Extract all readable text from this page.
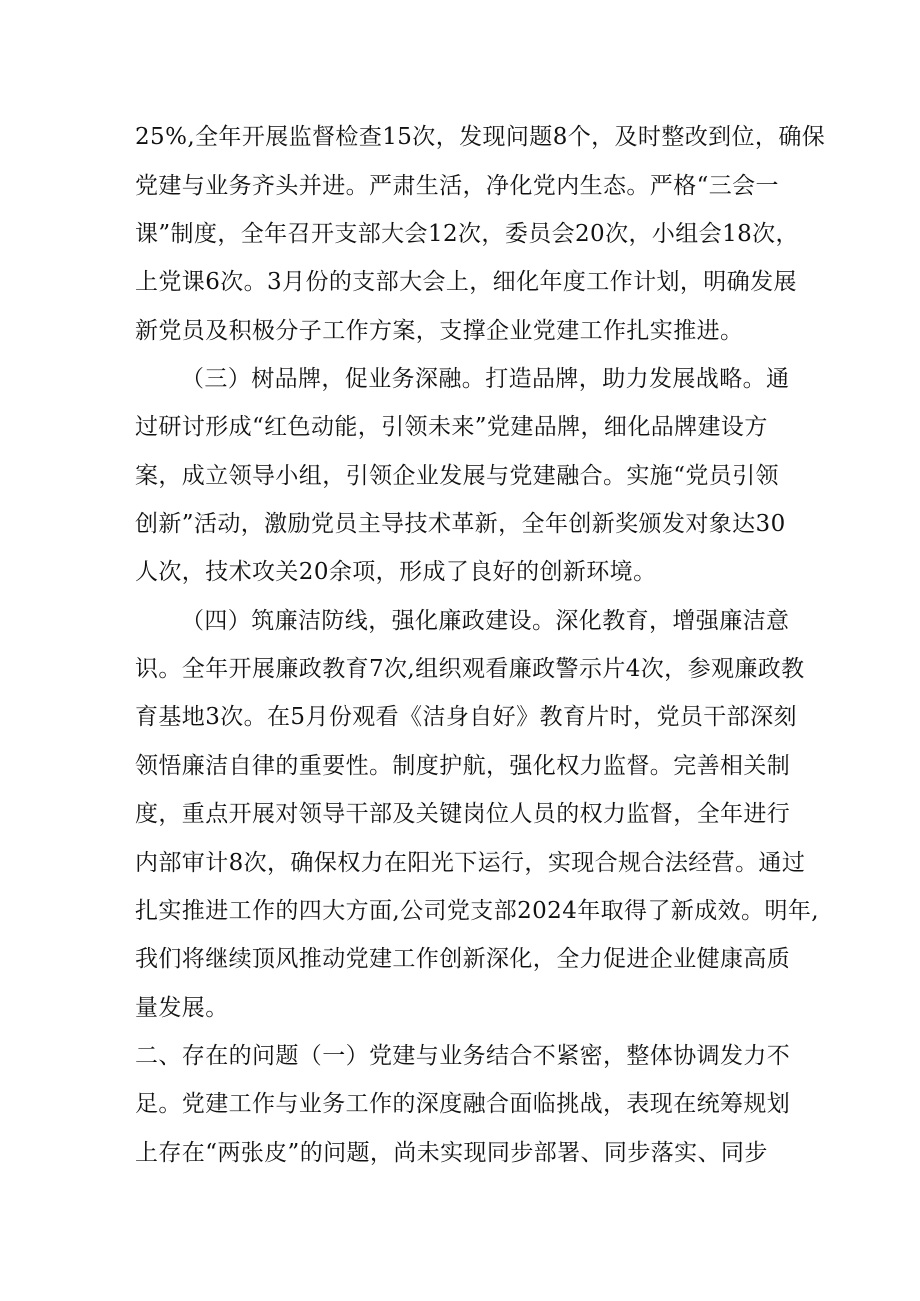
25%,全年开展监督检查15次，发现问题8个，及时整改到位，确保
党建与业务齐头并进。严肃生活，净化党内生态。严格“三会一
课”制度，全年召开支部大会12次，委员会20次，小组会18次，
上党课6次。3月份的支部大会上，细化年度工作计划，明确发展
新党员及积极分子工作方案，支撑企业党建工作扎实推进。
（三）树品牌，促业务深融。打造品牌，助力发展战略。通
过研讨形成“红色动能，引领未来”党建品牌，细化品牌建设方
案，成立领导小组，引领企业发展与党建融合。实施“党员引领
创新”活动，激励党员主导技术革新，全年创新奖颁发对象达30
人次，技术攻关20余项，形成了良好的创新环境。
（四）筑廉洁防线，强化廉政建设。深化教育，增强廉洁意
识。全年开展廉政教育7次,组织观看廉政警示片4次，参观廉政教
育基地3次。在5月份观看《洁身自好》教育片时，党员干部深刻
领悟廉洁自律的重要性。制度护航，强化权力监督。完善相关制
度，重点开展对领导干部及关键岗位人员的权力监督，全年进行
内部审计8次，确保权力在阳光下运行，实现合规合法经营。通过
扎实推进工作的四大方面,公司党支部2024年取得了新成效。明年,
我们将继续顶风推动党建工作创新深化，全力促进企业健康高质
量发展。
二、存在的问题（一）党建与业务结合不紧密，整体协调发力不
足。党建工作与业务工作的深度融合面临挑战，表现在统筹规划
上存在“两张皮”的问题，尚未实现同步部署、同步落实、同步
